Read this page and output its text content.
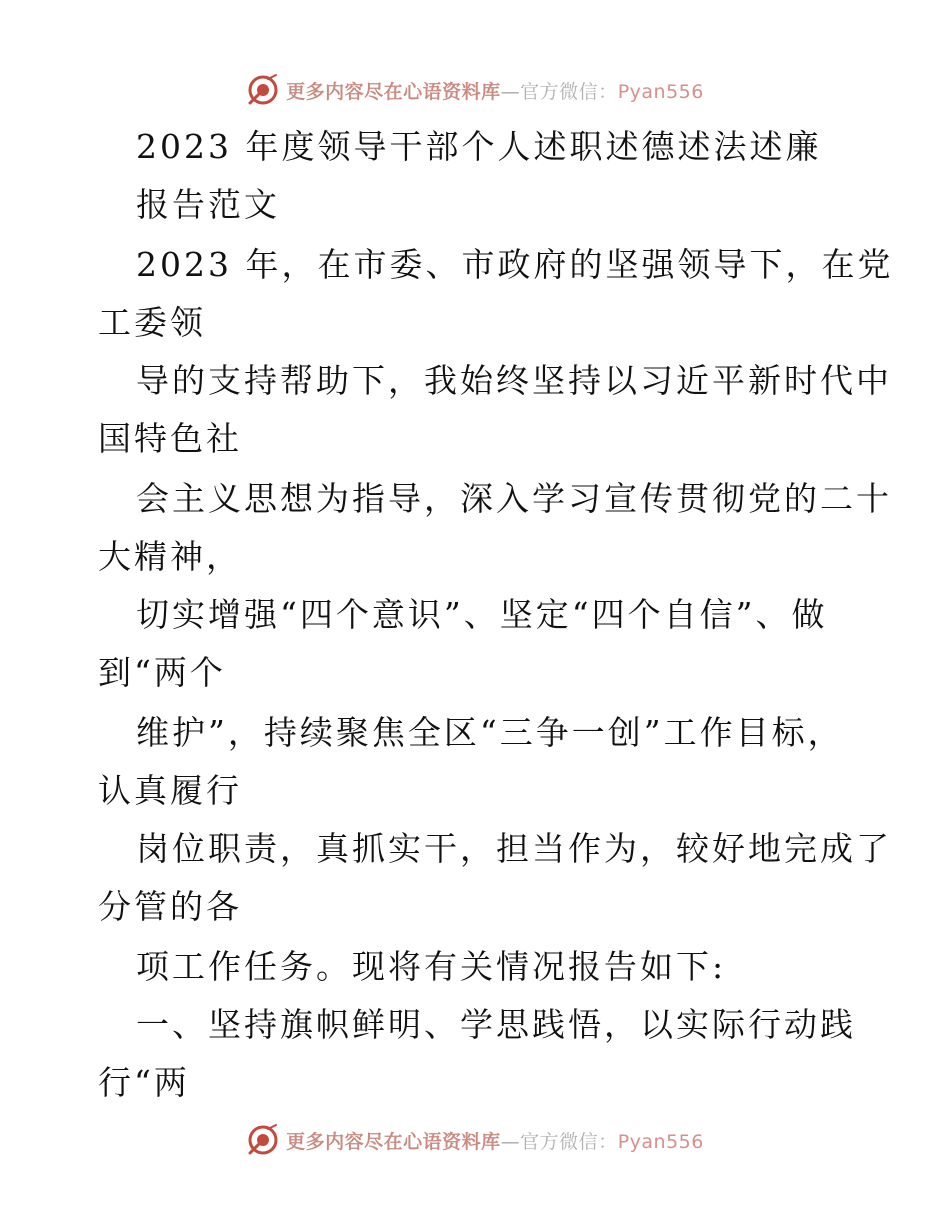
更多内容尽在心语资料库—官方微信：Pyan556
2023 年度领导干部个人述职述德述法述廉
报告范文
2023 年，在市委、市政府的坚强领导下，在党
工委领
导的支持帮助下，我始终坚持以习近平新时代中
国特色社
会主义思想为指导，深入学习宣传贯彻党的二十
大精神，
切实增强“四个意识”、坚定“四个自信”、做
到“两个
维护”，持续聚焦全区“三争一创”工作目标，
认真履行
岗位职责，真抓实干，担当作为，较好地完成了
分管的各
项工作任务。现将有关情况报告如下:
一、坚持旗帜鲜明、学思践悟，以实际行动践
行“两
更多内容尽在心语资料库—官方微信：Pyan556
